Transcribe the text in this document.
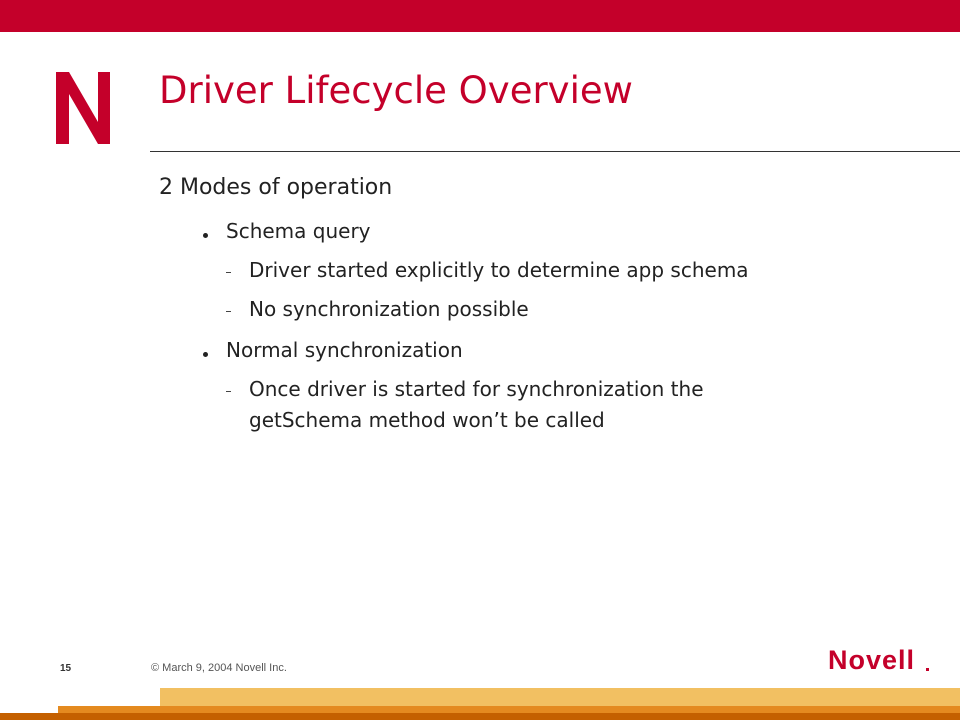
Driver Lifecycle Overview
2 Modes of operation
Schema query
Driver started explicitly to determine app schema
No synchronization possible
Normal synchronization
Once driver is started for synchronization the
getSchema method won’t be called
15	© March 9, 2004 Novell Inc.	Novell
